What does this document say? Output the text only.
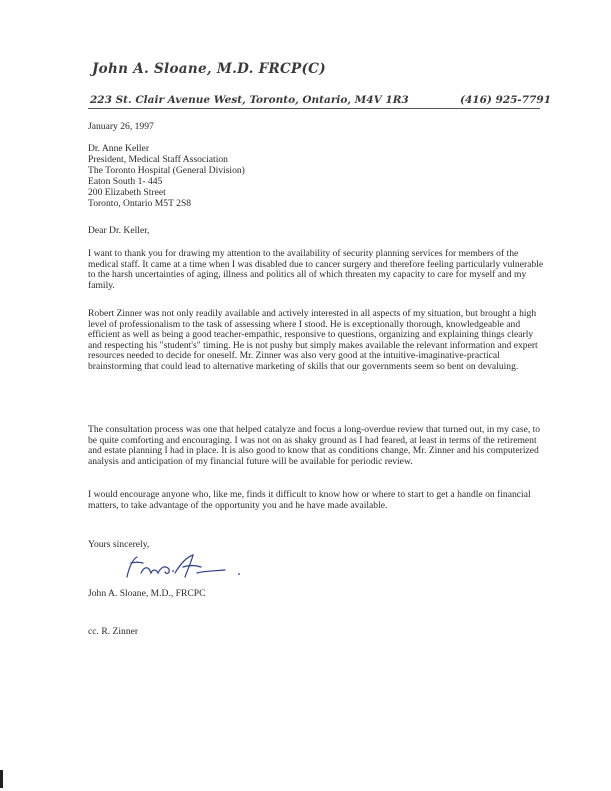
John A. Sloane, M.D. FRCP(C)
223 St. Clair Avenue West, Toronto, Ontario, M4V 1R3	(416) 925-7791
January 26, 1997
Dr. Anne Keller
President, Medical Staff Association
The Toronto Hospital (General Division)
Eaton South 1- 445
200 Elizabeth Street
Toronto, Ontario M5T 2S8
Dear Dr. Keller,
I want to thank you for drawing my attention to the availability of security planning services for members of the medical staff. It came at a time when I was disabled due to cancer surgery and therefore feeling particularly vulnerable to the harsh uncertainties of aging, illness and politics all of which threaten my capacity to care for myself and my family.
Robert Zinner was not only readily available and actively interested in all aspects of my situation, but brought a high level of professionalism to the task of assessing where I stood. He is exceptionally thorough, knowledgeable and efficient as well as being a good teacher-empathic, responsive to questions, organizing and explaining things clearly and respecting his "student's" timing. He is not pushy but simply makes available the relevant information and expert resources needed to decide for oneself. Mr. Zinner was also very good at the intuitive-imaginative-practical brainstorming that could lead to alternative marketing of skills that our governments seem so bent on devaluing.
The consultation process was one that helped catalyze and focus a long-overdue review that turned out, in my case, to be quite comforting and encouraging. I was not on as shaky ground as I had feared, at least in terms of the retirement and estate planning I had in place. It is also good to know that as conditions change, Mr. Zinner and his computerized analysis and anticipation of my financial future will be available for periodic review.
I would encourage anyone who, like me, finds it difficult to know how or where to start to get a handle on financial matters, to take advantage of the opportunity you and he have made available.
Yours sincerely,
John A. Sloane, M.D., FRCPC
cc. R. Zinner
